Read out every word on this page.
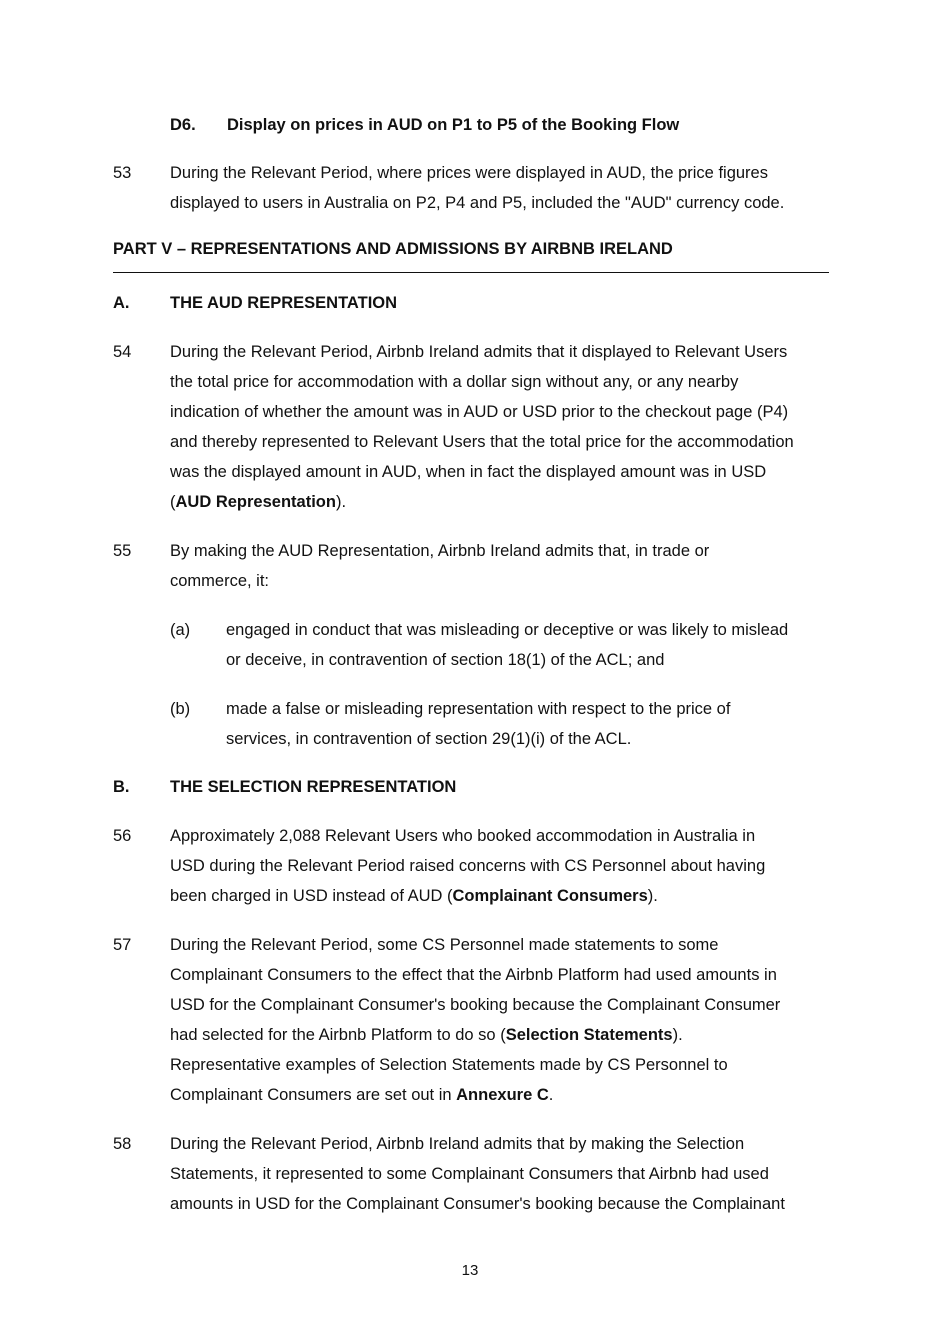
D6. Display on prices in AUD on P1 to P5 of the Booking Flow
53 During the Relevant Period, where prices were displayed in AUD, the price figures
displayed to users in Australia on P2, P4 and P5, included the "AUD" currency code.
PART V – REPRESENTATIONS AND ADMISSIONS BY AIRBNB IRELAND
A. THE AUD REPRESENTATION
54 During the Relevant Period, Airbnb Ireland admits that it displayed to Relevant Users
the total price for accommodation with a dollar sign without any, or any nearby
indication of whether the amount was in AUD or USD prior to the checkout page (P4)
and thereby represented to Relevant Users that the total price for the accommodation
was the displayed amount in AUD, when in fact the displayed amount was in USD
(AUD Representation).
55 By making the AUD Representation, Airbnb Ireland admits that, in trade or
commerce, it:
(a) engaged in conduct that was misleading or deceptive or was likely to mislead
or deceive, in contravention of section 18(1) of the ACL; and
(b) made a false or misleading representation with respect to the price of
services, in contravention of section 29(1)(i) of the ACL.
B. THE SELECTION REPRESENTATION
56 Approximately 2,088 Relevant Users who booked accommodation in Australia in
USD during the Relevant Period raised concerns with CS Personnel about having
been charged in USD instead of AUD (Complainant Consumers).
57 During the Relevant Period, some CS Personnel made statements to some
Complainant Consumers to the effect that the Airbnb Platform had used amounts in
USD for the Complainant Consumer's booking because the Complainant Consumer
had selected for the Airbnb Platform to do so (Selection Statements).
Representative examples of Selection Statements made by CS Personnel to
Complainant Consumers are set out in Annexure C.
58 During the Relevant Period, Airbnb Ireland admits that by making the Selection
Statements, it represented to some Complainant Consumers that Airbnb had used
amounts in USD for the Complainant Consumer's booking because the Complainant
13
